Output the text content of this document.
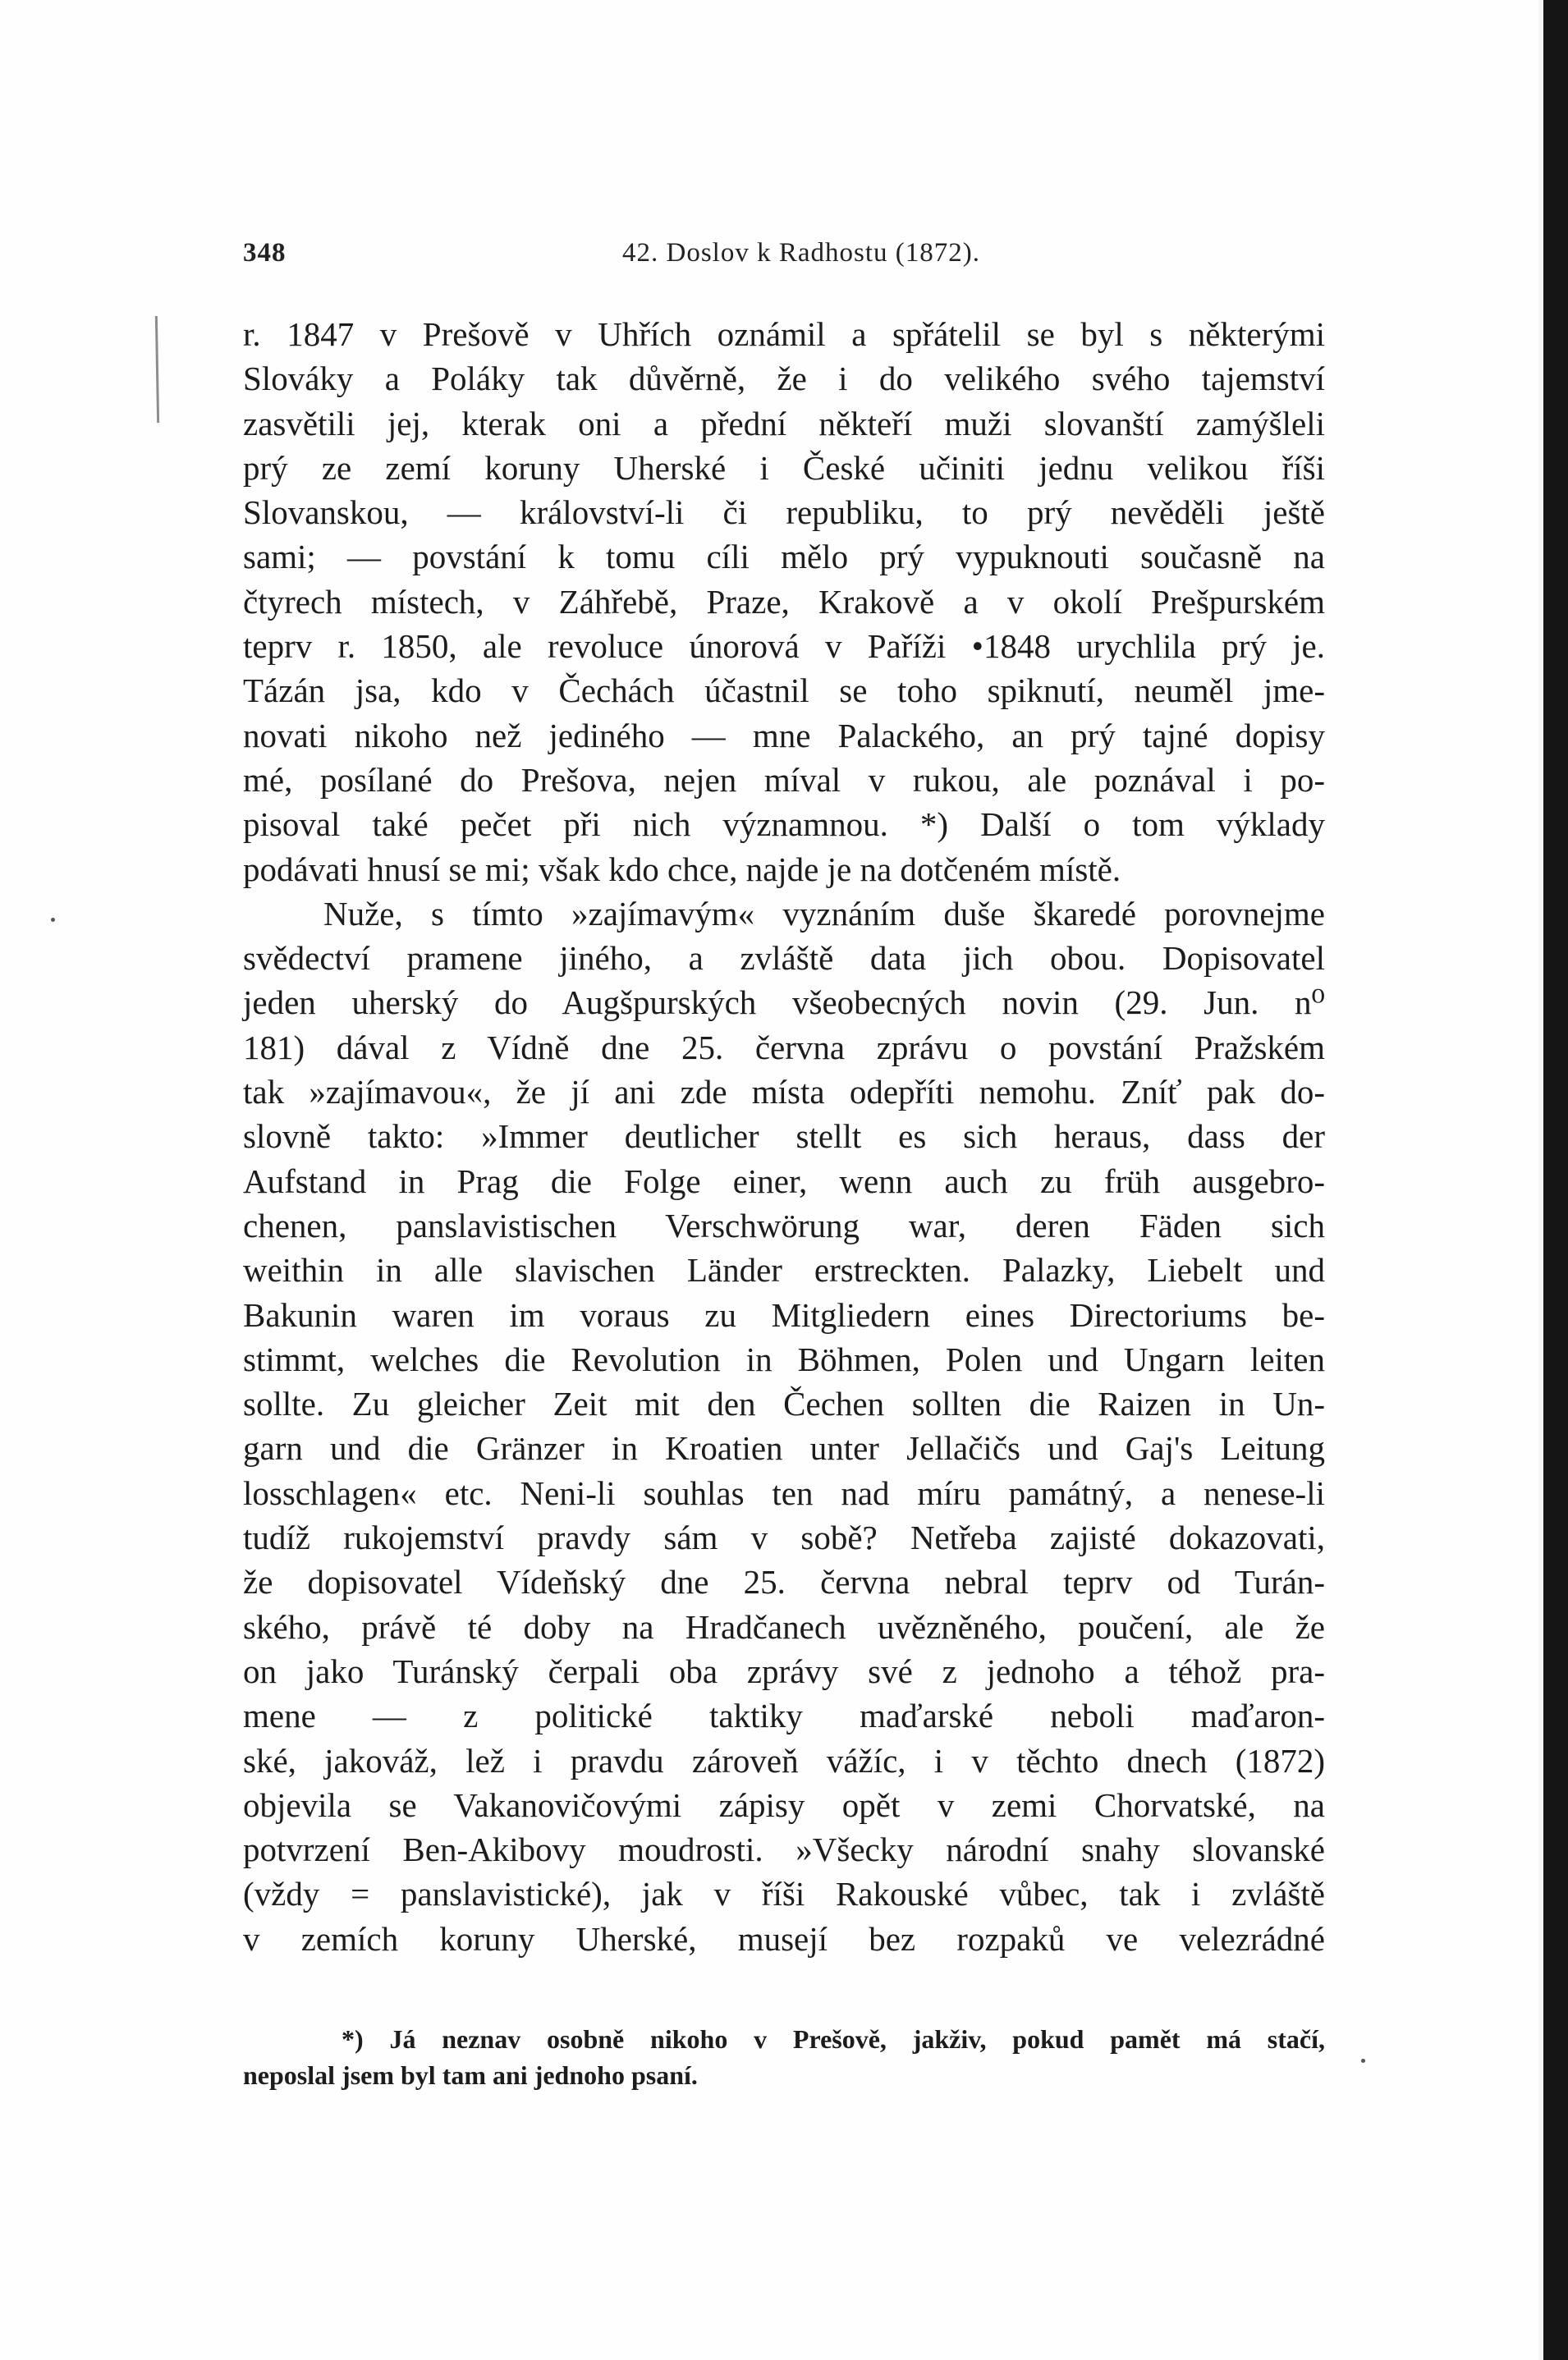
348	42. Doslov k Radhostu (1872).
r. 1847 v Prešově v Uhřích oznámil a spřátelil se byl s některými
Slováky a Poláky tak důvěrně, že i do velikého svého tajemství
zasvětili jej, kterak oni a přední někteří muži slovanští zamýšleli
prý ze zemí koruny Uherské i České učiniti jednu velikou říši
Slovanskou, — království-li či republiku, to prý nevěděli ještě
sami; — povstání k tomu cíli mělo prý vypuknouti současně na
čtyrech místech, v Záhřebě, Praze, Krakově a v okolí Prešpurském
teprv r. 1850, ale revoluce únorová v Paříži •1848 urychlila prý je.
Tázán jsa, kdo v Čechách účastnil se toho spiknutí, neuměl jme-
novati nikoho než jediného — mne Palackého, an prý tajné dopisy
mé, posílané do Prešova, nejen míval v rukou, ale poznával i po-
pisoval také pečet při nich významnou. *) Další o tom výklady
podávati hnusí se mi; však kdo chce, najde je na dotčeném místě.
Nuže, s tímto »zajímavým« vyznáním duše škaredé porovnejme
svědectví pramene jiného, a zvláště data jich obou. Dopisovatel
jeden uherský do Augšpurských všeobecných novin (29. Jun. n⁰
181) dával z Vídně dne 25. června zprávu o povstání Pražském
tak »zajímavou«, že jí ani zde místa odepříti nemohu. Zníť pak do-
slovně takto: »Immer deutlicher stellt es sich heraus, dass der
Aufstand in Prag die Folge einer, wenn auch zu früh ausgebro-
chenen, panslavistischen Verschwörung war, deren Fäden sich
weithin in alle slavischen Länder erstreckten. Palazky, Liebelt und
Bakunin waren im voraus zu Mitgliedern eines Directoriums be-
stimmt, welches die Revolution in Böhmen, Polen und Ungarn leiten
sollte. Zu gleicher Zeit mit den Čechen sollten die Raizen in Un-
garn und die Gränzer in Kroatien unter Jellačičs und Gaj's Leitung
losschlagen« etc. Neni-li souhlas ten nad míru památný, a nenese-li
tudíž rukojemství pravdy sám v sobě? Netřeba zajisté dokazovati,
že dopisovatel Vídeňský dne 25. června nebral teprv od Turán-
ského, právě té doby na Hradčanech uvězněného, poučení, ale že
on jako Turánský čerpali oba zprávy své z jednoho a téhož pra-
mene — z politické taktiky maďarské neboli maďaron-
ské, jakováž, lež i pravdu zároveň vážíc, i v těchto dnech (1872)
objevila se Vakanovičovými zápisy opět v zemi Chorvatské, na
potvrzení Ben-Akibovy moudrosti. »Všecky národní snahy slovanské
(vždy = panslavistické), jak v říši Rakouské vůbec, tak i zvláště
v zemích koruny Uherské, musejí bez rozpaků ve velezrádné
*) Já neznav osobně nikoho v Prešově, jakživ, pokud pamět má stačí,
neposlal jsem byl tam ani jednoho psaní.
